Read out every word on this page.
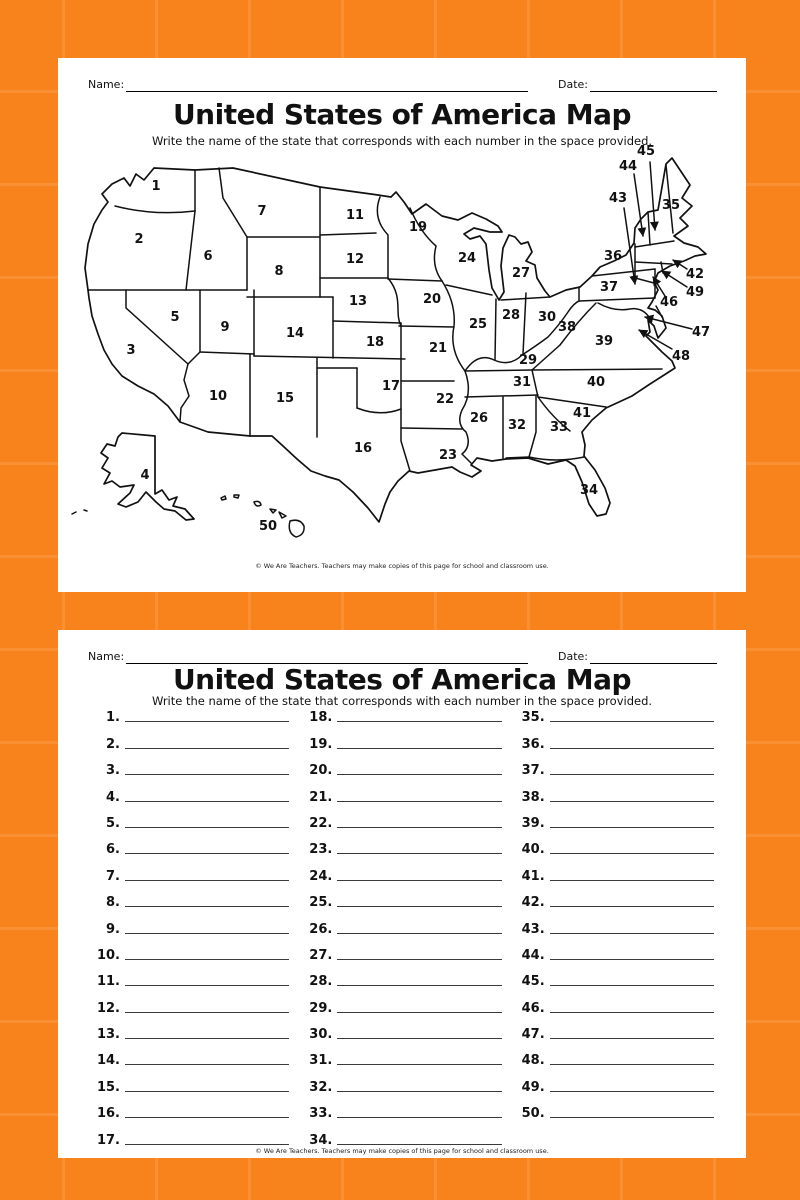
Name:	Date:
United States of America Map
Write the name of the state that corresponds with each number in the space provided.
1
2
3
4
5
6
7
8
9
10
11
12
13
14
15
16
17
18
19
20
21
22
23
24
25
26
27
28
29
30
31
32 33
34
35
36
37
38
39
40
41
42
43
44
45
46
47
48
49
50
© We Are Teachers. Teachers may make copies of this page for school and classroom use.
Name:	Date:
United States of America Map
Write the name of the state that corresponds with each number in the space provided.
1.
2.
3.
4.
5.
6.
7.
8.
9.
10.
11.
12.
13.
14.
15.
16.
17.
18.
19.
20.
21.
22.
23.
24.
25.
26.
27.
28.
29.
30.
31.
32.
33.
34.
35.
36.
37.
38.
39.
40.
41.
42.
43.
44.
45.
46.
47.
48.
49.
50.
© We Are Teachers. Teachers may make copies of this page for school and classroom use.
